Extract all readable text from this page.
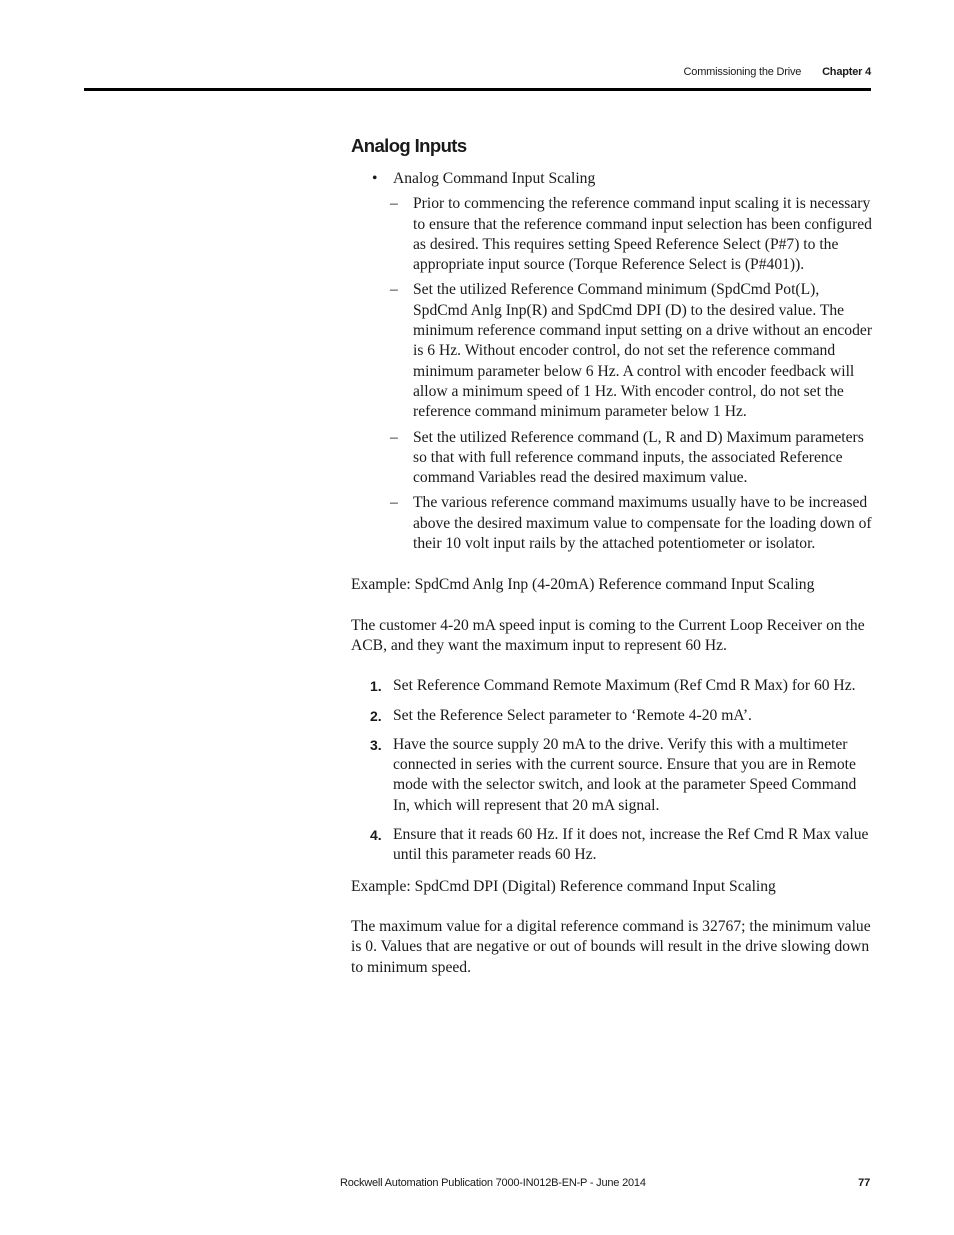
Commissioning the Drive Chapter 4
Analog Inputs
• Analog Command Input Scaling
– Prior to commencing the reference command input scaling it is necessary to ensure that the reference command input selection has been configured as desired. This requires setting Speed Reference Select (P#7) to the appropriate input source (Torque Reference Select is (P#401)).
– Set the utilized Reference Command minimum (SpdCmd Pot(L), SpdCmd Anlg Inp(R) and SpdCmd DPI (D) to the desired value. The minimum reference command input setting on a drive without an encoder is 6 Hz. Without encoder control, do not set the reference command minimum parameter below 6 Hz. A control with encoder feedback will allow a minimum speed of 1 Hz. With encoder control, do not set the reference command minimum parameter below 1 Hz.
– Set the utilized Reference command (L, R and D) Maximum parameters so that with full reference command inputs, the associated Reference command Variables read the desired maximum value.
– The various reference command maximums usually have to be increased above the desired maximum value to compensate for the loading down of their 10 volt input rails by the attached potentiometer or isolator.

Example: SpdCmd Anlg Inp (4-20mA) Reference command Input Scaling

The customer 4-20 mA speed input is coming to the Current Loop Receiver on the ACB, and they want the maximum input to represent 60 Hz.

1. Set Reference Command Remote Maximum (Ref Cmd R Max) for 60 Hz.
2. Set the Reference Select parameter to ‘Remote 4-20 mA’.
3. Have the source supply 20 mA to the drive. Verify this with a multimeter connected in series with the current source. Ensure that you are in Remote mode with the selector switch, and look at the parameter Speed Command In, which will represent that 20 mA signal.
4. Ensure that it reads 60 Hz. If it does not, increase the Ref Cmd R Max value until this parameter reads 60 Hz.

Example: SpdCmd DPI (Digital) Reference command Input Scaling

The maximum value for a digital reference command is 32767; the minimum value is 0. Values that are negative or out of bounds will result in the drive slowing down to minimum speed.

Rockwell Automation Publication 7000-IN012B-EN-P - June 2014	77
